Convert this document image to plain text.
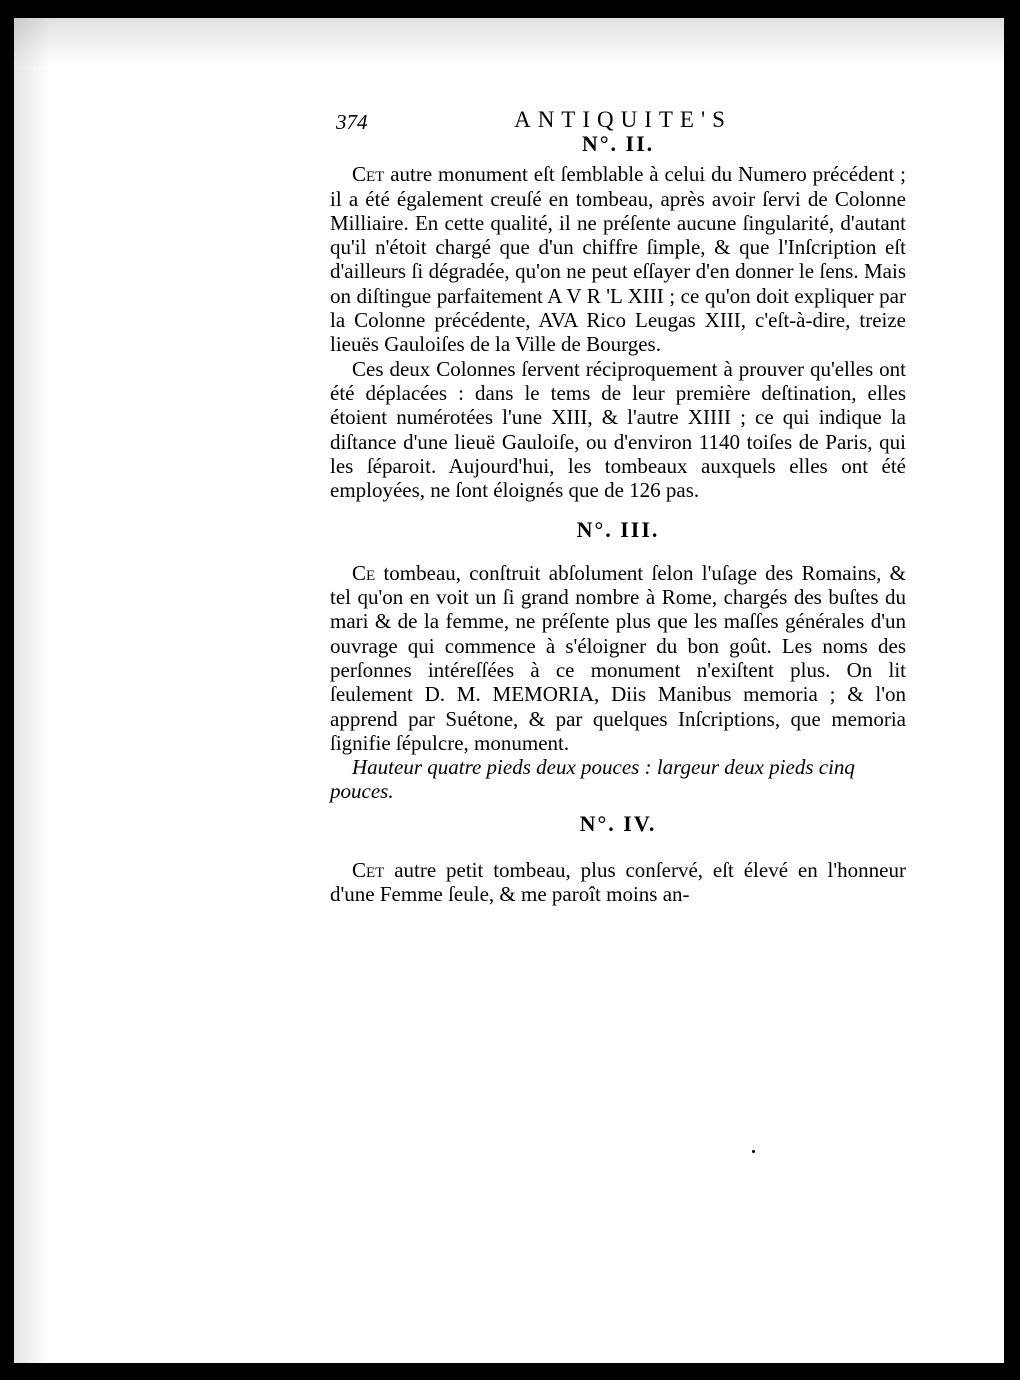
374	ANTIQUITE'S
N°. II.

Cet autre monument eſt ſemblable à celui du Numero précédent ; il a été également creuſé en tombeau, après avoir ſervi de Colonne Milliaire. En cette qualité, il ne préſente aucune ſingularité, d'autant qu'il n'étoit chargé que d'un chiffre ſimple, & que l'Inſcription eſt d'ailleurs ſi dégradée, qu'on ne peut eſſayer d'en donner le ſens. Mais on diſtingue parfaitement A V R 'L XIII ; ce qu'on doit expliquer par la Colonne précédente, AVA Rico Leugas XIII, c'eſt-à-dire, treize lieuës Gauloiſes de la Ville de Bourges.

Ces deux Colonnes ſervent réciproquement à prouver qu'elles ont été déplacées : dans le tems de leur première deſtination, elles étoient numérotées l'une XIII, & l'autre XIIII ; ce qui indique la diſtance d'une lieuë Gauloiſe, ou d'environ 1140 toiſes de Paris, qui les ſéparoit. Aujourd'hui, les tombeaux auxquels elles ont été employées, ne ſont éloignés que de 126 pas.

N°. III.

Ce tombeau, conſtruit abſolument ſelon l'uſage des Romains, & tel qu'on en voit un ſi grand nombre à Rome, chargés des buſtes du mari & de la femme, ne préſente plus que les maſſes générales d'un ouvrage qui commence à s'éloigner du bon goût. Les noms des perſonnes intéreſſées à ce monument n'exiſtent plus. On lit ſeulement D. M. MEMORIA, Diis Manibus memoria ; & l'on apprend par Suétone, & par quelques Inſcriptions, que memoria ſignifie ſépulcre, monument.

Hauteur quatre pieds deux pouces : largeur deux pieds cinq pouces.

N°. IV.

Cet autre petit tombeau, plus conſervé, eſt élevé en l'honneur d'une Femme ſeule, & me paroît moins an-
